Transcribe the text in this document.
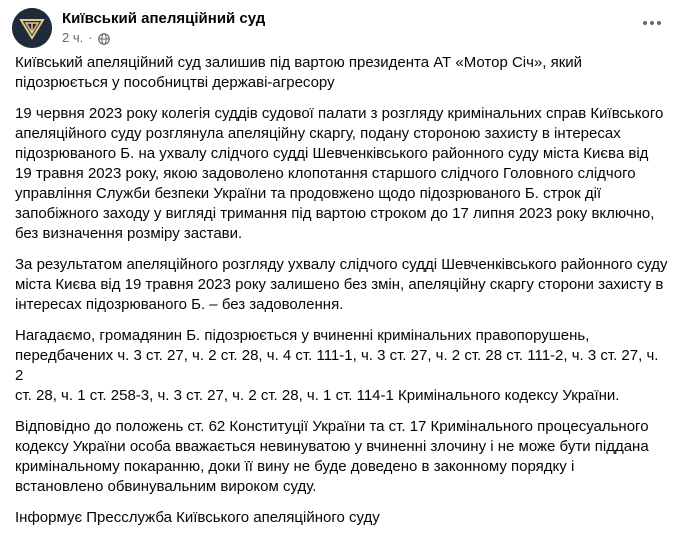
Київський апеляційний суд
2 ч. ·

Київський апеляційний суд залишив під вартою президента АТ «Мотор Січ», який
підозрюється у пособництві державі-агресору

19 червня 2023 року колегія суддів судової палати з розгляду кримінальних справ Київського
апеляційного суду розглянула апеляційну скаргу, подану стороною захисту в інтересах
підозрюваного Б. на ухвалу слідчого судді Шевченківського районного суду міста Києва від
19 травня 2023 року, якою задоволено клопотання старшого слідчого Головного слідчого
управління Служби безпеки України та продовжено щодо підозрюваного Б. строк дії
запобіжного заходу у вигляді тримання під вартою строком до 17 липня 2023 року включно,
без визначення розміру застави.

За результатом апеляційного розгляду ухвалу слідчого судді Шевченківського районного суду
міста Києва від 19 травня 2023 року залишено без змін, апеляційну скаргу сторони захисту в
інтересах підозрюваного Б. – без задоволення.

Нагадаємо, громадянин Б. підозрюється у вчиненні кримінальних правопорушень,
передбачених ч. 3 ст. 27, ч. 2 ст. 28, ч. 4 ст. 111-1, ч. 3 ст. 27, ч. 2 ст. 28 ст. 111-2, ч. 3 ст. 27, ч. 2
ст. 28, ч. 1 ст. 258-3, ч. 3 ст. 27, ч. 2 ст. 28, ч. 1 ст. 114-1 Кримінального кодексу України.

Відповідно до положень ст. 62 Конституції України та ст. 17 Кримінального процесуального
кодексу України особа вважається невинуватою у вчиненні злочину і не може бути піддана
кримінальному покаранню, доки її вину не буде доведено в законному порядку і
встановлено обвинувальним вироком суду.

Інформує Пресслужба Київського апеляційного суду
